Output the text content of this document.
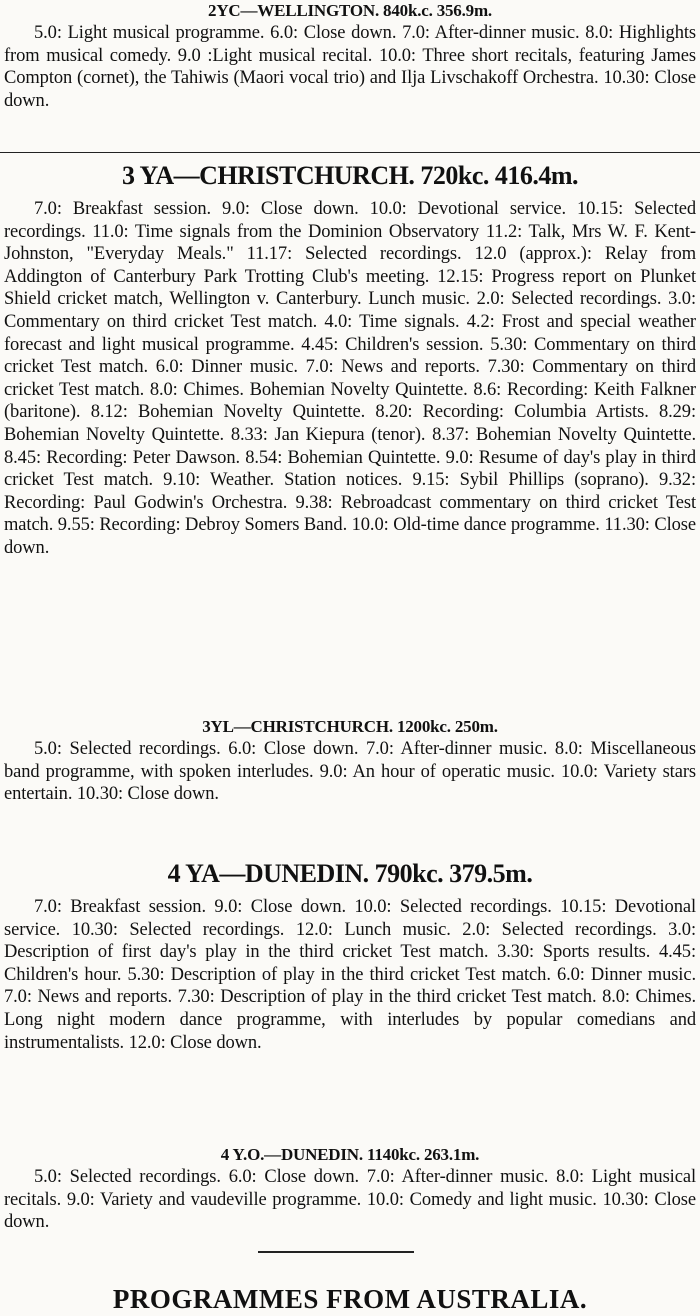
2YC—WELLINGTON. 840k.c. 356.9m.

5.0: Light musical programme. 6.0: Close down. 7.0: After-dinner music. 8.0: Highlights from musical comedy. 9.0 :Light musical recital. 10.0: Three short recitals, featuring James Compton (cornet), the Tahiwis (Maori vocal trio) and Ilja Livschakoff Orchestra. 10.30: Close down.

3 YA—CHRISTCHURCH. 720kc. 416.4m.

7.0: Breakfast session. 9.0: Close down. 10.0: Devotional service. 10.15: Selected recordings. 11.0: Time signals from the Dominion Observatory 11.2: Talk, Mrs W. F. Kent-Johnston, "Everyday Meals." 11.17: Selected recordings. 12.0 (approx.): Relay from Addington of Canterbury Park Trotting Club's meeting. 12.15: Progress report on Plunket Shield cricket match, Wellington v. Canterbury. Lunch music. 2.0: Selected recordings. 3.0: Commentary on third cricket Test match. 4.0: Time signals. 4.2: Frost and special weather forecast and light musical programme. 4.45: Children's session. 5.30: Commentary on third cricket Test match. 6.0: Dinner music. 7.0: News and reports. 7.30: Commentary on third cricket Test match. 8.0: Chimes. Bohemian Novelty Quintette. 8.6: Recording: Keith Falkner (baritone). 8.12: Bohemian Novelty Quintette. 8.20: Recording: Columbia Artists. 8.29: Bohemian Novelty Quintette. 8.33: Jan Kiepura (tenor). 8.37: Bohemian Novelty Quintette. 8.45: Recording: Peter Dawson. 8.54: Bohemian Quintette. 9.0: Resume of day's play in third cricket Test match. 9.10: Weather. Station notices. 9.15: Sybil Phillips (soprano). 9.32: Recording: Paul Godwin's Orchestra. 9.38: Rebroadcast commentary on third cricket Test match. 9.55: Recording: Debroy Somers Band. 10.0: Old-time dance programme. 11.30: Close down.

3YL—CHRISTCHURCH. 1200kc. 250m.

5.0: Selected recordings. 6.0: Close down. 7.0: After-dinner music. 8.0: Miscellaneous band programme, with spoken interludes. 9.0: An hour of operatic music. 10.0: Variety stars entertain. 10.30: Close down.

4 YA—DUNEDIN. 790kc. 379.5m.

7.0: Breakfast session. 9.0: Close down. 10.0: Selected recordings. 10.15: Devotional service. 10.30: Selected recordings. 12.0: Lunch music. 2.0: Selected recordings. 3.0: Description of first day's play in the third cricket Test match. 3.30: Sports results. 4.45: Children's hour. 5.30: Description of play in the third cricket Test match. 6.0: Dinner music. 7.0: News and reports. 7.30: Description of play in the third cricket Test match. 8.0: Chimes. Long night modern dance programme, with interludes by popular comedians and instrumentalists. 12.0: Close down.

4 Y.O.—DUNEDIN. 1140kc. 263.1m.

5.0: Selected recordings. 6.0: Close down. 7.0: After-dinner music. 8.0: Light musical recitals. 9.0: Variety and vaudeville programme. 10.0: Comedy and light music. 10.30: Close down.

PROGRAMMES FROM AUSTRALIA.
